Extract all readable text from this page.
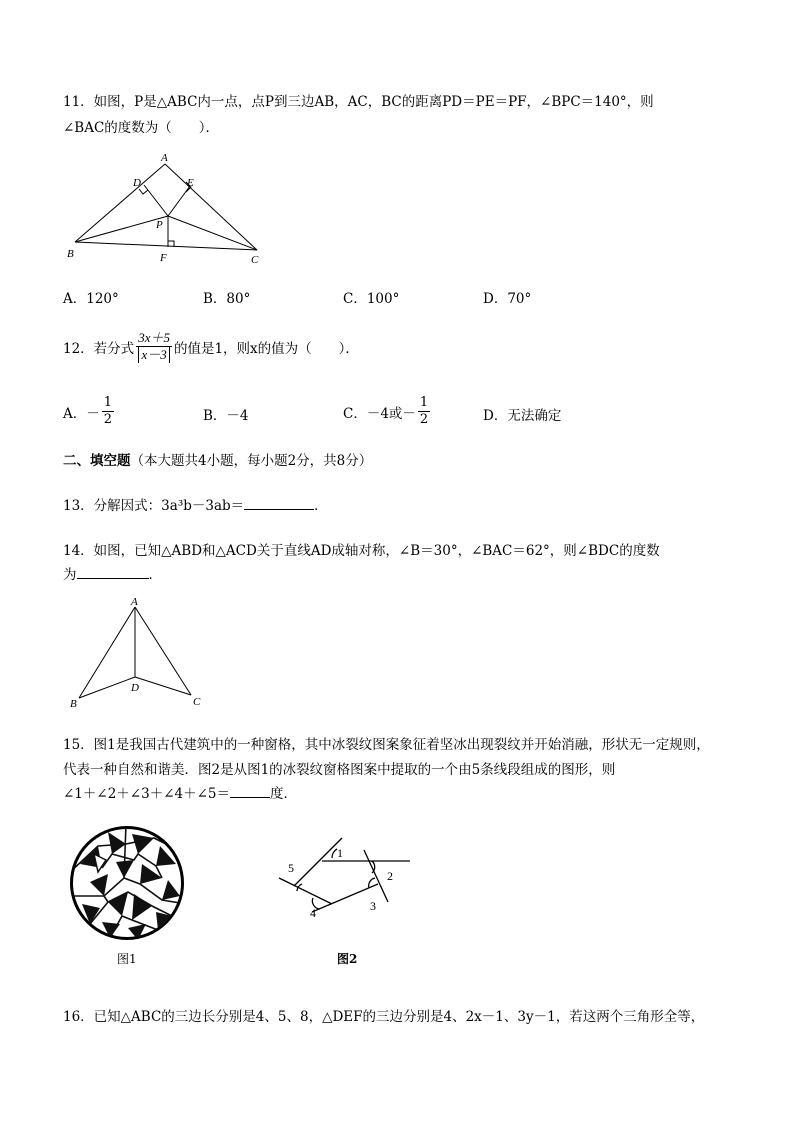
11．如图，P是△ABC内一点，点P到三边AB，AC，BC的距离PD＝PE＝PF，∠BPC＝140°，则
∠BAC的度数为（　　）．
A
D	E
P
B	F	C
A．120°	B．80°	C．100°	D．70°
12．若分式 $\frac{3x+5}{x-3}$ 的值是1，则x的值为（　　）．
A．－ $\frac{1}{2}$	B．－4	C．－4或－ $\frac{1}{2}$	D．无法确定
二、填空题（本大题共4小题，每小题2分，共8分）
13．分解因式：3a³b－3ab＝	．
14．如图，已知△ABD和△ACD关于直线AD成轴对称，∠B＝30°，∠BAC＝62°，则∠BDC的度数
为	．
A
B
D
C
15．图1是我国古代建筑中的一种窗格，其中冰裂纹图案象征着坚冰出现裂纹并开始消融，形状无一定规则，
代表一种自然和谐美．图2是从图1的冰裂纹窗格图案中提取的一个由5条线段组成的图形，则
∠1＋∠2＋∠3＋∠4＋∠5＝	度．
图1
1
2
3
4
5
图2
16．已知△ABC的三边长分别是4、5、8，△DEF的三边分别是4、2x－1、3y－1，若这两个三角形全等，
